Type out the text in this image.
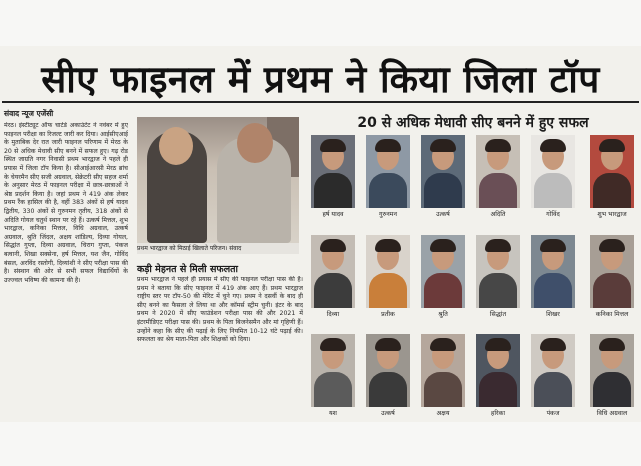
सीए फाइनल में प्रथम ने किया जिला टॉप
संवाद न्यूज एजेंसी
मेरठ। इंस्टीट्यूट ऑफ चार्टर्ड अकाउंटेंट ने नवंबर में हुए फाइनल परीक्षा का रिजल्ट जारी कर दिया। आईसीएआई के मुताबिक देर रात जारी फाइनल परिणाम में मेरठ के 20 से अधिक मेधावी सीए बनने में सफल हुए। गढ़ रोड स्थित जाग्रति नगर निवासी प्रथम भारद्वाज ने पहले ही प्रयास में जिला टॉप किया है। सीआईआरसी मेरठ ब्रांच के चेयरमैन सीए सजी अग्रवाल, सेक्रेटरी सीए सहज शर्मा के अनुसार मेरठ में फाइनल परीक्षा में छात्र-छात्राओं ने श्रेष्ठ प्रदर्शन किया है। जहां प्रथम ने 419 अंक लेकर प्रथम रैंक हासिल की है, वहीं 383 अंकों से हर्ष यादव द्वितीय, 330 अंकों से गुरुनमन तृतीय, 318 अंकों से अदिति गोयल चतुर्थ स्थान पर रहे हैं। उत्कर्ष मित्तल, शुभ भारद्वाज, कनिका मित्तल, विधि अग्रवाल, उत्कर्ष अग्रवाल, श्रुति जिंदल, अक्षय शांडिल्य, दिव्या गोयल, सिद्धांत गुप्ता, दिव्या अग्रवाल, चिराग गुप्ता, पंकज बत्वानी, शिखा सक्सेना, हर्ष मित्तल, यश जैन, गोविंद बंसल, अरविंद रस्तोगी, दिव्यांशी ने सीए परीक्षा पास की है। संस्थान की ओर से सभी सफल विद्यार्थियों के उज्ज्वल भविष्य की कामना की है।
प्रथम भारद्वाज को मिठाई खिलाते परिजन। संवाद
कड़ी मेहनत से मिली सफलता
प्रथम भारद्वाज ने पहले ही प्रयास में सीए की फाइनल परीक्षा पास की है। प्रथम ने बताया कि सीए फाइनल में 419 अंक आए हैं। प्रथम भारद्वाज राष्ट्रीय स्तर पर टॉप-50 की मेरिट में चुने गए। प्रथम ने दसवीं के बाद ही सीए बनने का फैसला ले लिया था और कॉमर्स स्ट्रीम चुनी। इंटर के बाद प्रथम ने 2020 में सीए फाउंडेशन परीक्षा पास की और 2021 में इंटरमीडिएट परीक्षा पास की। प्रथम के पिता बिजनेसमैन और मां गृहिणी हैं। उन्होंने कहा कि सीए की पढ़ाई के लिए नियमित 10-12 घंटे पढ़ाई की। सफलता का श्रेय माता-पिता और शिक्षकों को दिया।
20 से अधिक मेधावी सीए बनने में हुए सफल
हर्ष यादव	गुरुनमन	उत्कर्ष	अदिति	गोविंद	शुभ भारद्वाज
दिव्या	प्रतीक	श्रुति	सिद्धांत	शिखर	कनिका मित्तल
यश	उत्कर्ष	अक्षय	हरिका	पंकज	विधि अग्रवाल
